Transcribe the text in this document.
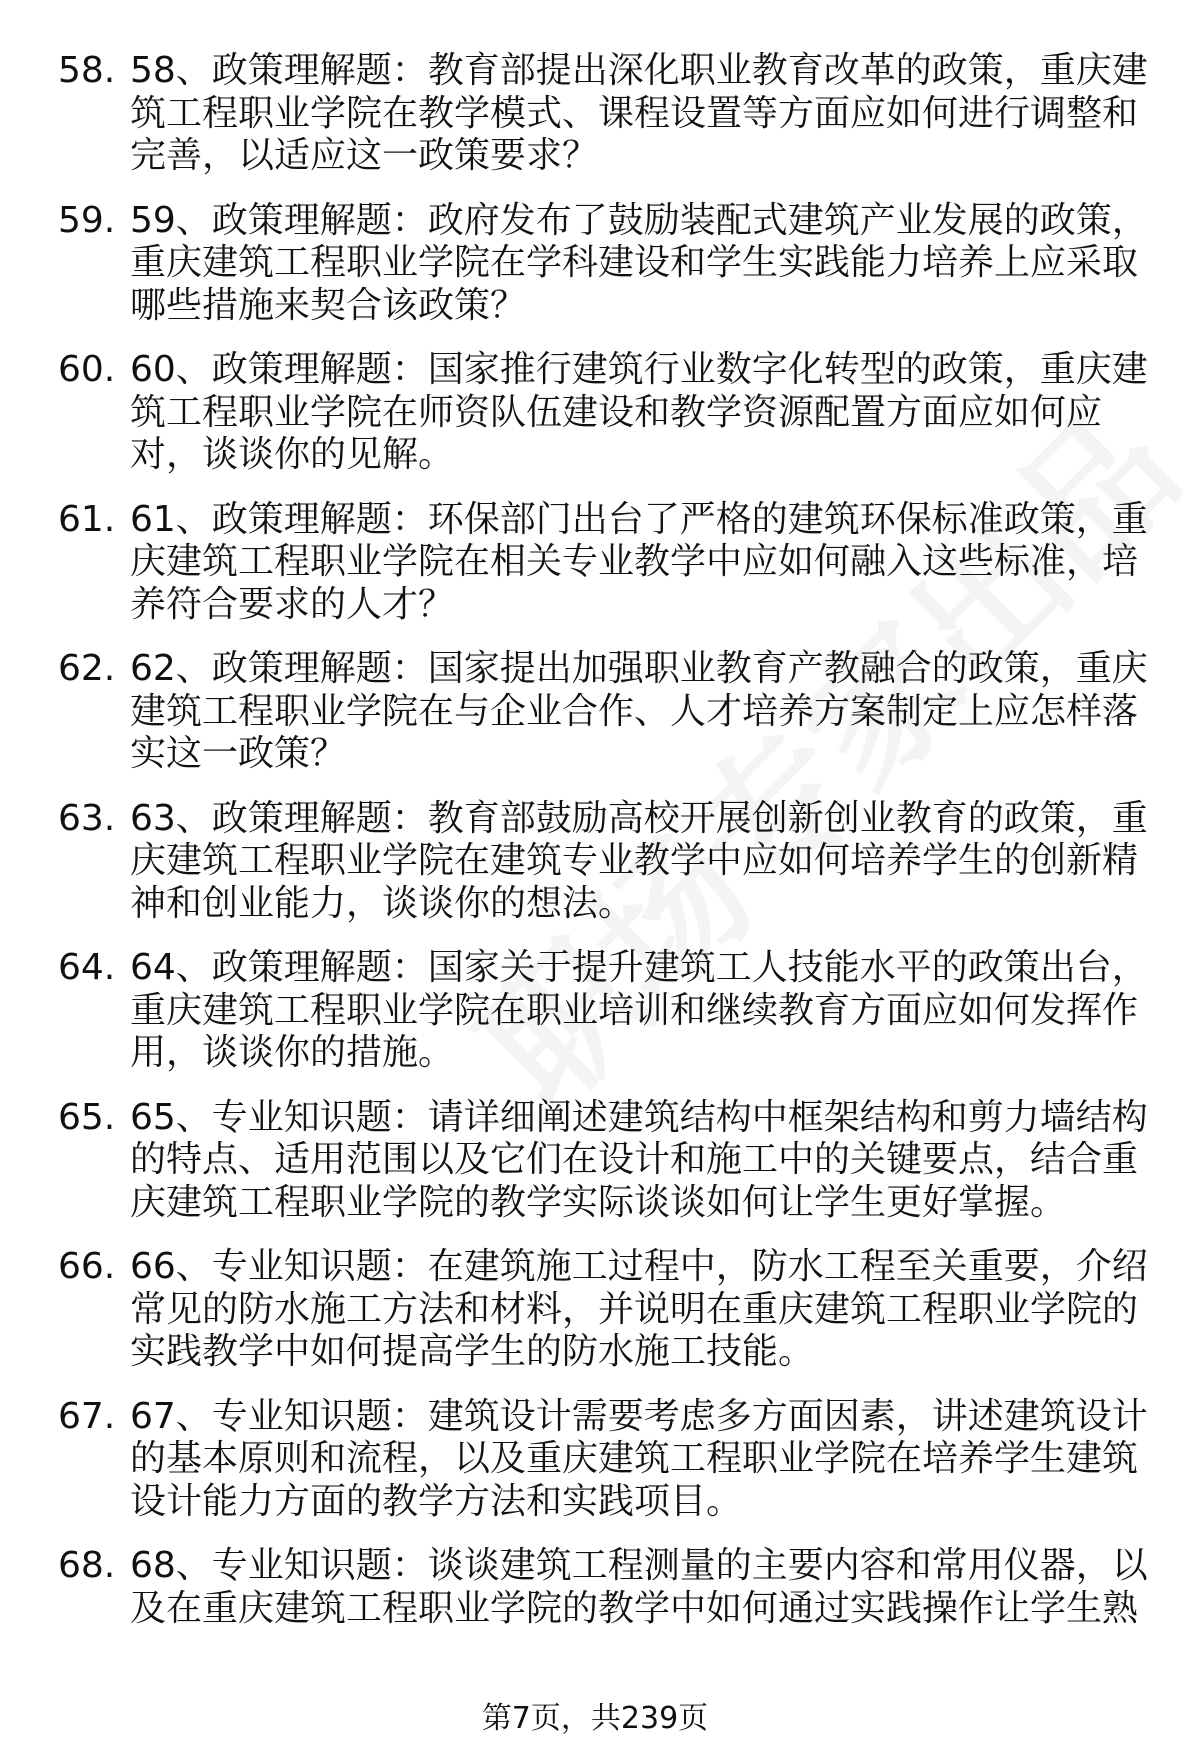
58. 58、政策理解题：教育部提出深化职业教育改革的政策，重庆建筑工程职业学院在教学模式、课程设置等方面应如何进行调整和完善，以适应这一政策要求？
59. 59、政策理解题：政府发布了鼓励装配式建筑产业发展的政策，重庆建筑工程职业学院在学科建设和学生实践能力培养上应采取哪些措施来契合该政策？
60. 60、政策理解题：国家推行建筑行业数字化转型的政策，重庆建筑工程职业学院在师资队伍建设和教学资源配置方面应如何应对，谈谈你的见解。
61. 61、政策理解题：环保部门出台了严格的建筑环保标准政策，重庆建筑工程职业学院在相关专业教学中应如何融入这些标准，培养符合要求的人才？
62. 62、政策理解题：国家提出加强职业教育产教融合的政策，重庆建筑工程职业学院在与企业合作、人才培养方案制定上应怎样落实这一政策？
63. 63、政策理解题：教育部鼓励高校开展创新创业教育的政策，重庆建筑工程职业学院在建筑专业教学中应如何培养学生的创新精神和创业能力，谈谈你的想法。
64. 64、政策理解题：国家关于提升建筑工人技能水平的政策出台，重庆建筑工程职业学院在职业培训和继续教育方面应如何发挥作用，谈谈你的措施。
65. 65、专业知识题：请详细阐述建筑结构中框架结构和剪力墙结构的特点、适用范围以及它们在设计和施工中的关键要点，结合重庆建筑工程职业学院的教学实际谈谈如何让学生更好掌握。
66. 66、专业知识题：在建筑施工过程中，防水工程至关重要，介绍常见的防水施工方法和材料，并说明在重庆建筑工程职业学院的实践教学中如何提高学生的防水施工技能。
67. 67、专业知识题：建筑设计需要考虑多方面因素，讲述建筑设计的基本原则和流程，以及重庆建筑工程职业学院在培养学生建筑设计能力方面的教学方法和实践项目。
68. 68、专业知识题：谈谈建筑工程测量的主要内容和常用仪器，以及在重庆建筑工程职业学院的教学中如何通过实践操作让学生熟
第7页，共239页
